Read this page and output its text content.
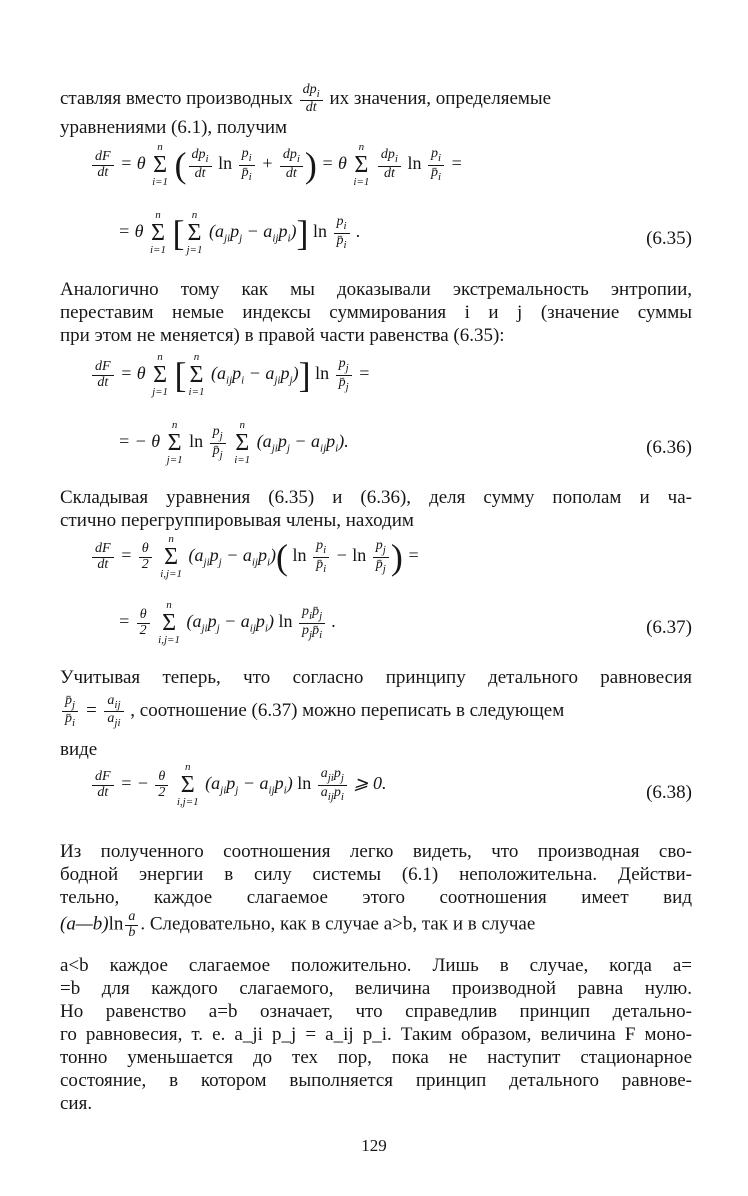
ставляя вместо производных $\frac{dp_i}{dt}$ их значения, определяемые
уравнениями (6.1), получим
$\frac{dF}{dt} = \theta$
n
Σ
i=1 ( $\frac{dp_i}{dt}$ $\ln \frac{p_i}{p̄_i} + \frac{dp_i}{dt}$ ) = θ
n
Σ
i=1

$\frac{dp_i}{dt}$ $\ln \frac{p_i}{p̄_i}$ =
= θ
n
Σ
i=1 [ n
Σ
j=1
$(a_{ji}p_j - a_{ij}p_i)$] $\ln \frac{p_i}{p̄_i}$ .	(6.35)
Аналогично тому как мы доказывали экстремальность энтропии,
переставим немые индексы суммирования i и j (значение суммы
при этом не меняется) в правой части равенства (6.35):
$\frac{dF}{dt} = \theta$
n
Σ
j=1 [ n
Σ
i=1
$(a_{ij}p_i - a_{ji}p_j)$] $\ln \frac{p_j}{p̄_j}$ =
= − θ
n
Σ
j=1
$\ln \frac{p_j}{p̄_j}$

n
Σ
i=1
$(a_{ji}p_j - a_{ij}p_i)$.	(6.36)
Складывая уравнения (6.35) и (6.36), деля сумму пополам и ча-
стично перегруппировывая члены, находим
$\frac{dF}{dt} = \frac{\theta}{2}$

n
Σ
i,j=1
$(a_{ji}p_j - a_{ij}p_i)$( $\ln \frac{p_i}{p̄_i} - \ln \frac{p_j}{p̄_j}$ ) =
= $\frac{\theta}{2}$

n
Σ
i,j=1
$(a_{ji}p_j - a_{ij}p_i)$ $\ln \frac{p_ip̄_j}{p_jp̄_i}$ .	(6.37)
Учитывая теперь, что согласно принципу детального равновесия
$\frac{p̄_j}{p̄_i} = \frac{a_{ij}}{a_{ji}}$ , соотношение (6.37) можно переписать в следующем
виде
$\frac{dF}{dt}$ = − $\frac{\theta}{2}$

n
Σ
i,j=1
$(a_{ji}p_j - a_{ij}p_i)$ $\ln \frac{a_{ji}p_j}{a_{ij}p_i}$ ⩾ 0.	(6.38)
Из полученного соотношения легко видеть, что производная сво-
бодной энергии в силу системы (6.1) неположительна. Действи-
тельно, каждое слагаемое этого соотношения имеет вид
(a—b)ln $\frac{a}{b}$ . Следовательно, как в случае a>b, так и в случае
a<b каждое слагаемое положительно. Лишь в случае, когда a=
=b для каждого слагаемого, величина производной равна нулю.
Но равенство a=b означает, что справедлив принцип детально-
го равновесия, т. е. a_ji p_j = a_ij p_i. Таким образом, величина F моно-
тонно уменьшается до тех пор, пока не наступит стационарное
состояние, в котором выполняется принцип детального равнове-
сия.
129
